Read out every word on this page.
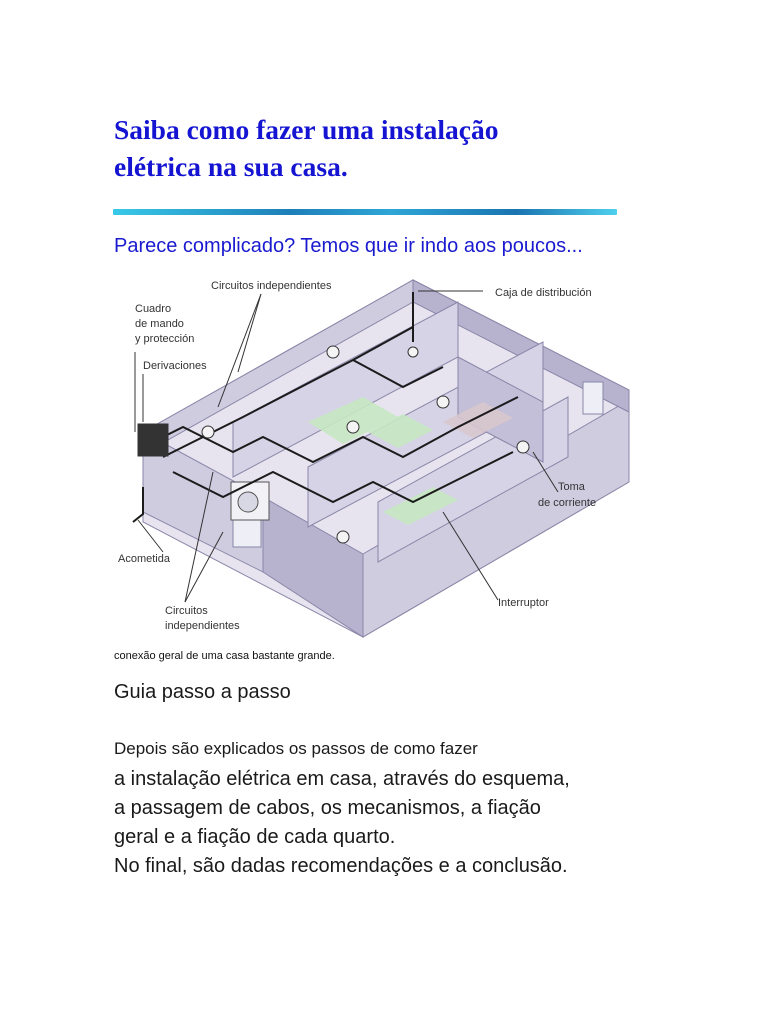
Saiba como fazer uma instalação
elétrica na sua casa.
Parece complicado? Temos que ir indo aos poucos...
Circuitos independientes
Caja de distribución
Cuadro
de mando
y protección
Derivaciones
Toma
de corriente
Acometida
Interruptor
Circuitos
independientes
conexão geral de uma casa bastante grande.
Guia passo a passo
Depois são explicados os passos de como fazer
a instalação elétrica em casa, através do esquema,
a passagem de cabos, os mecanismos, a fiação
geral e a fiação de cada quarto.
No final, são dadas recomendações e a conclusão.
